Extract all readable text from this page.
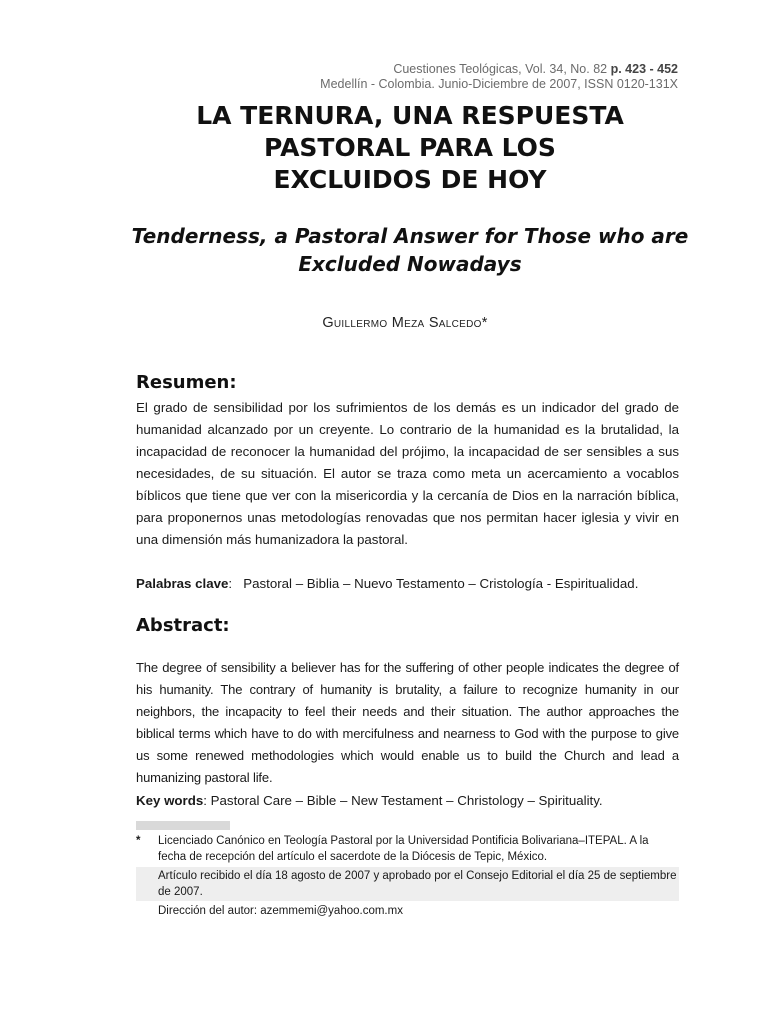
Cuestiones Teológicas, Vol. 34, No. 82 p. 423 - 452
Medellín - Colombia. Junio-Diciembre de 2007, ISSN 0120-131X
LA TERNURA, UNA RESPUESTA
PASTORAL PARA LOS
EXCLUIDOS DE HOY
Tenderness, a Pastoral Answer for Those who are
Excluded Nowadays
Guillermo Meza Salcedo*
Resumen:

El grado de sensibilidad por los sufrimientos de los demás es un indicador del grado de humanidad alcanzado por un creyente. Lo contrario de la humanidad es la brutalidad, la incapacidad de reconocer la humanidad del prójimo, la incapacidad de ser sensibles a sus necesidades, de su situación. El autor se traza como meta un acercamiento a vocablos bíblicos que tiene que ver con la misericordia y la cercanía de Dios en la narración bíblica, para proponernos unas metodologías renovadas que nos permitan hacer iglesia y vivir en una dimensión más humanizadora la pastoral.

Palabras clave: Pastoral – Biblia – Nuevo Testamento – Cristología - Espiritualidad.
Abstract:

The degree of sensibility a believer has for the suffering of other people indicates the degree of his humanity. The contrary of humanity is brutality, a failure to recognize humanity in our neighbors, the incapacity to feel their needs and their situation. The author approaches the biblical terms which have to do with mercifulness and nearness to God with the purpose to give us some renewed methodologies which would enable us to build the Church and lead a humanizing pastoral life.

Key words: Pastoral Care – Bible – New Testament – Christology – Spirituality.
* Licenciado Canónico en Teología Pastoral por la Universidad Pontificia Bolivariana–ITEPAL. A la fecha de recepción del artículo el sacerdote de la Diócesis de Tepic, México.
Artículo recibido el día 18 agosto de 2007 y aprobado por el Consejo Editorial el día 25 de septiembre de 2007.
Dirección del autor: azemmemi@yahoo.com.mx
